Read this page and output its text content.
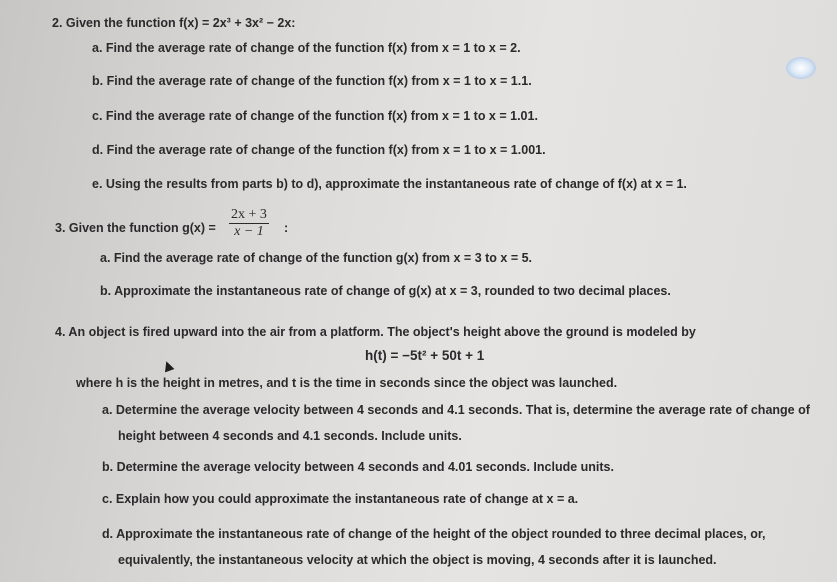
2. Given the function f(x) = 2x³ + 3x² − 2x:
a. Find the average rate of change of the function f(x) from x = 1 to x = 2.
b. Find the average rate of change of the function f(x) from x = 1 to x = 1.1.
c. Find the average rate of change of the function f(x) from x = 1 to x = 1.01.
d. Find the average rate of change of the function f(x) from x = 1 to x = 1.001.
e. Using the results from parts b) to d), approximate the instantaneous rate of change of f(x) at x = 1.
3. Given the function $g(x) = \frac{2x + 3}{x - 1}$ :
a. Find the average rate of change of the function g(x) from x = 3 to x = 5.
b. Approximate the instantaneous rate of change of g(x) at x = 3, rounded to two decimal places.
4. An object is fired upward into the air from a platform. The object's height above the ground is modeled by
h(t) = −5t² + 50t + 1
where h is the height in metres, and t is the time in seconds since the object was launched.
a. Determine the average velocity between 4 seconds and 4.1 seconds. That is, determine the average rate of change of
height between 4 seconds and 4.1 seconds. Include units.
b. Determine the average velocity between 4 seconds and 4.01 seconds. Include units.
c. Explain how you could approximate the instantaneous rate of change at x = a.
d. Approximate the instantaneous rate of change of the height of the object rounded to three decimal places, or,
equivalently, the instantaneous velocity at which the object is moving, 4 seconds after it is launched.
